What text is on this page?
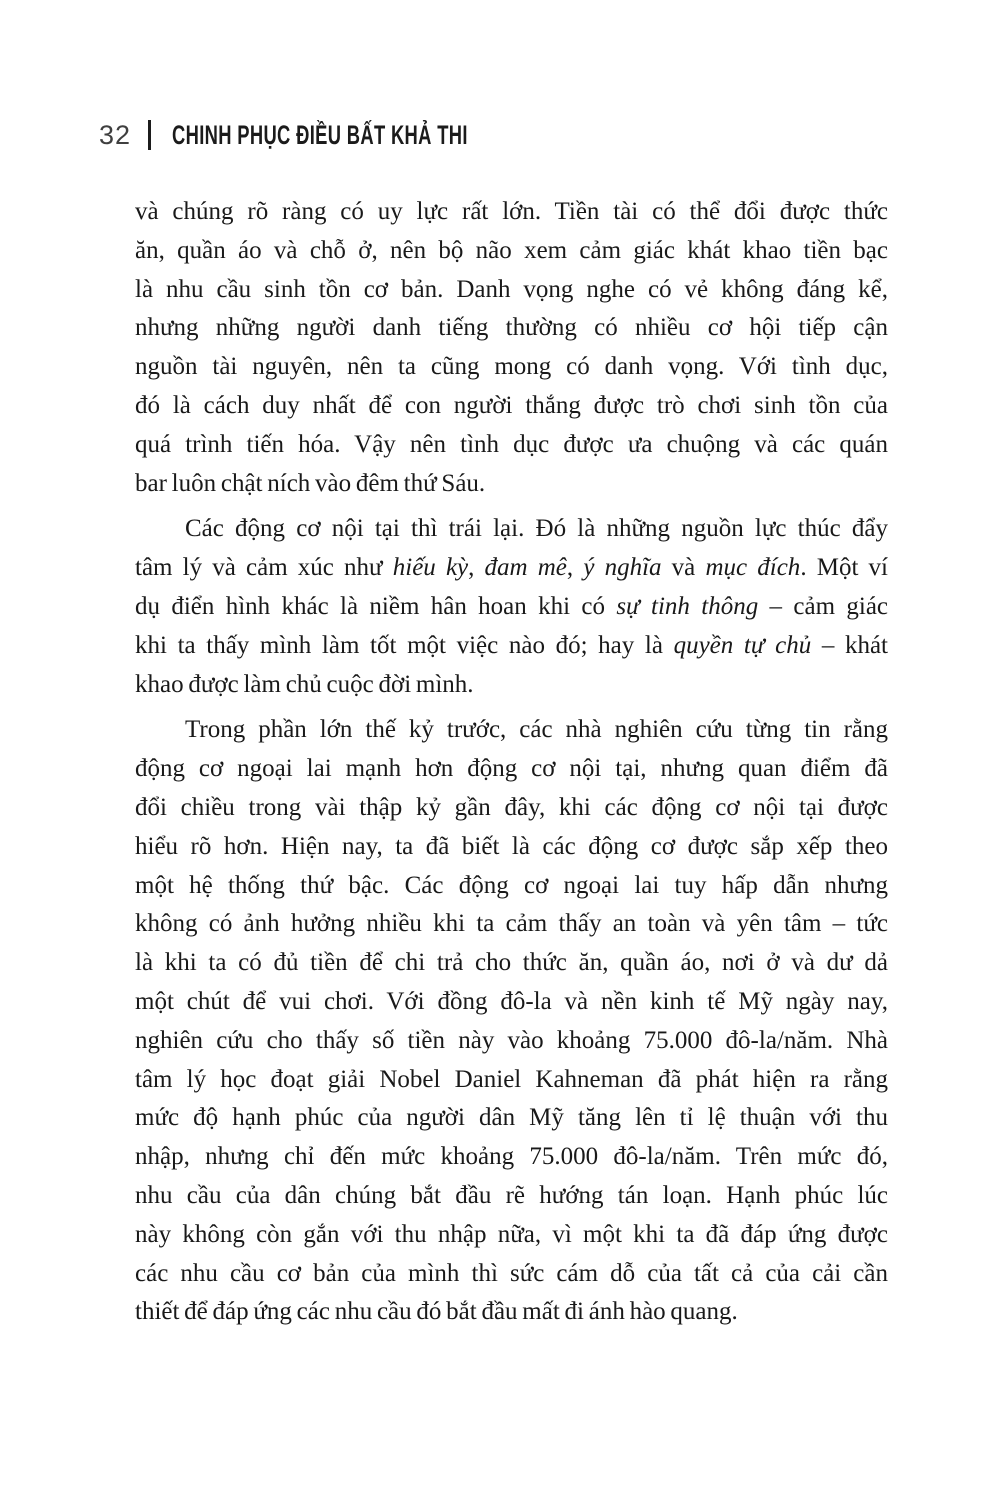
32 CHINH PHỤC ĐIỀU BẤT KHẢ THI
và chúng rõ ràng có uy lực rất lớn. Tiền tài có thể đổi được thức
ăn, quần áo và chỗ ở, nên bộ não xem cảm giác khát khao tiền bạc
là nhu cầu sinh tồn cơ bản. Danh vọng nghe có vẻ không đáng kể,
nhưng những người danh tiếng thường có nhiều cơ hội tiếp cận
nguồn tài nguyên, nên ta cũng mong có danh vọng. Với tình dục,
đó là cách duy nhất để con người thắng được trò chơi sinh tồn của
quá trình tiến hóa. Vậy nên tình dục được ưa chuộng và các quán
bar luôn chật ních vào đêm thứ Sáu.
Các động cơ nội tại thì trái lại. Đó là những nguồn lực thúc đẩy
tâm lý và cảm xúc như hiếu kỳ, đam mê, ý nghĩa và mục đích. Một ví
dụ điển hình khác là niềm hân hoan khi có sự tinh thông – cảm giác
khi ta thấy mình làm tốt một việc nào đó; hay là quyền tự chủ – khát
khao được làm chủ cuộc đời mình.
Trong phần lớn thế kỷ trước, các nhà nghiên cứu từng tin rằng
động cơ ngoại lai mạnh hơn động cơ nội tại, nhưng quan điểm đã
đổi chiều trong vài thập kỷ gần đây, khi các động cơ nội tại được
hiểu rõ hơn. Hiện nay, ta đã biết là các động cơ được sắp xếp theo
một hệ thống thứ bậc. Các động cơ ngoại lai tuy hấp dẫn nhưng
không có ảnh hưởng nhiều khi ta cảm thấy an toàn và yên tâm – tức
là khi ta có đủ tiền để chi trả cho thức ăn, quần áo, nơi ở và dư dả
một chút để vui chơi. Với đồng đô-la và nền kinh tế Mỹ ngày nay,
nghiên cứu cho thấy số tiền này vào khoảng 75.000 đô-la/năm. Nhà
tâm lý học đoạt giải Nobel Daniel Kahneman đã phát hiện ra rằng
mức độ hạnh phúc của người dân Mỹ tăng lên tỉ lệ thuận với thu
nhập, nhưng chỉ đến mức khoảng 75.000 đô-la/năm. Trên mức đó,
nhu cầu của dân chúng bắt đầu rẽ hướng tán loạn. Hạnh phúc lúc
này không còn gắn với thu nhập nữa, vì một khi ta đã đáp ứng được
các nhu cầu cơ bản của mình thì sức cám dỗ của tất cả của cải cần
thiết để đáp ứng các nhu cầu đó bắt đầu mất đi ánh hào quang.
